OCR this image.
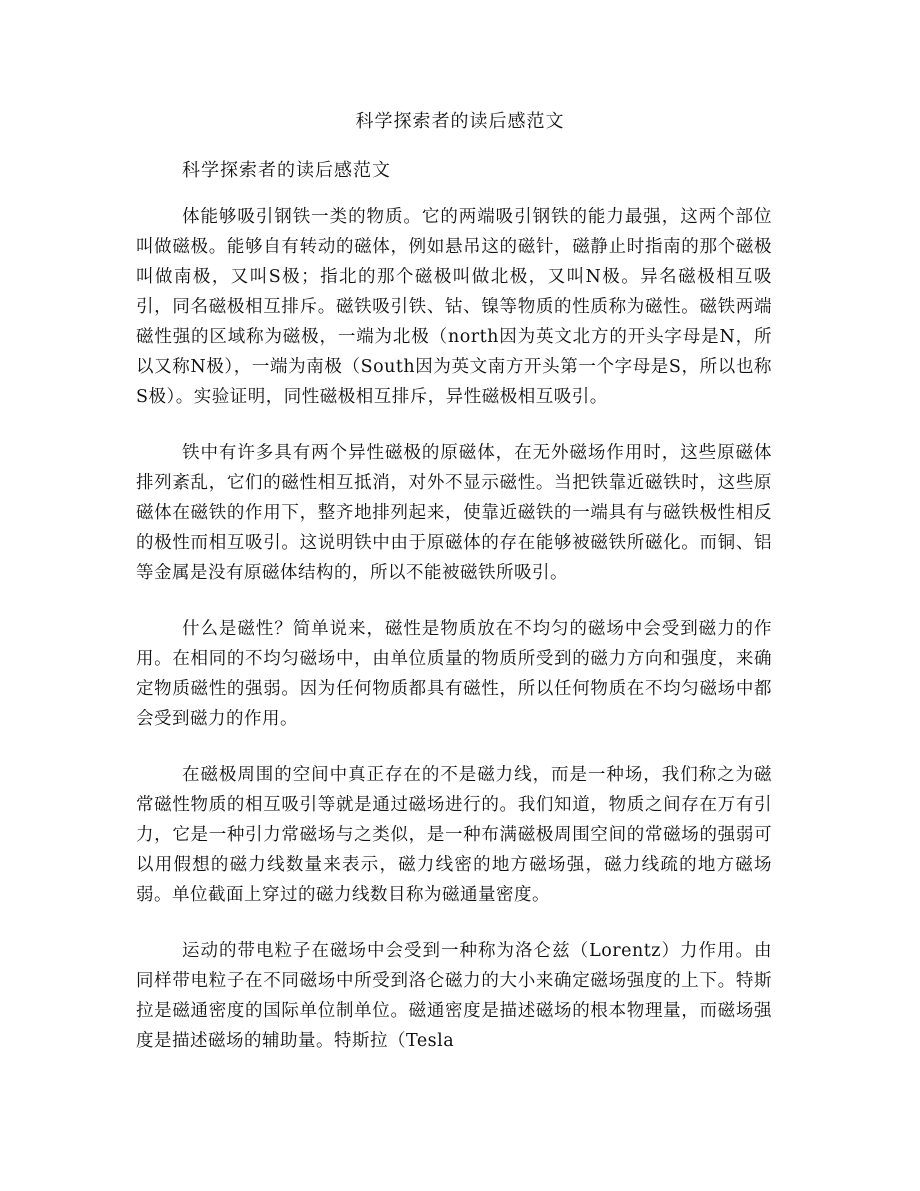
科学探索者的读后感范文

科学探索者的读后感范文

体能够吸引钢铁一类的物质。它的两端吸引钢铁的能力最强，这两个部位叫做磁极。能够自有转动的磁体，例如悬吊这的磁针，磁静止时指南的那个磁极叫做南极，又叫S极；指北的那个磁极叫做北极，又叫N极。异名磁极相互吸引，同名磁极相互排斥。磁铁吸引铁、钴、镍等物质的性质称为磁性。磁铁两端磁性强的区域称为磁极，一端为北极（north因为英文北方的开头字母是N，所以又称N极），一端为南极（South因为英文南方开头第一个字母是S，所以也称S极）。实验证明，同性磁极相互排斥，异性磁极相互吸引。

铁中有许多具有两个异性磁极的原磁体，在无外磁场作用时，这些原磁体排列紊乱，它们的磁性相互抵消，对外不显示磁性。当把铁靠近磁铁时，这些原磁体在磁铁的作用下，整齐地排列起来，使靠近磁铁的一端具有与磁铁极性相反的极性而相互吸引。这说明铁中由于原磁体的存在能够被磁铁所磁化。而铜、铝等金属是没有原磁体结构的，所以不能被磁铁所吸引。

什么是磁性？简单说来，磁性是物质放在不均匀的磁场中会受到磁力的作用。在相同的不均匀磁场中，由单位质量的物质所受到的磁力方向和强度，来确定物质磁性的强弱。因为任何物质都具有磁性，所以任何物质在不均匀磁场中都会受到磁力的作用。

在磁极周围的空间中真正存在的不是磁力线，而是一种场，我们称之为磁常磁性物质的相互吸引等就是通过磁场进行的。我们知道，物质之间存在万有引力，它是一种引力常磁场与之类似，是一种布满磁极周围空间的常磁场的强弱可以用假想的磁力线数量来表示，磁力线密的地方磁场强，磁力线疏的地方磁场弱。单位截面上穿过的磁力线数目称为磁通量密度。

运动的带电粒子在磁场中会受到一种称为洛仑兹（Lorentz）力作用。由同样带电粒子在不同磁场中所受到洛仑磁力的大小来确定磁场强度的上下。特斯拉是磁通密度的国际单位制单位。磁通密度是描述磁场的根本物理量，而磁场强度是描述磁场的辅助量。特斯拉（Tesla
